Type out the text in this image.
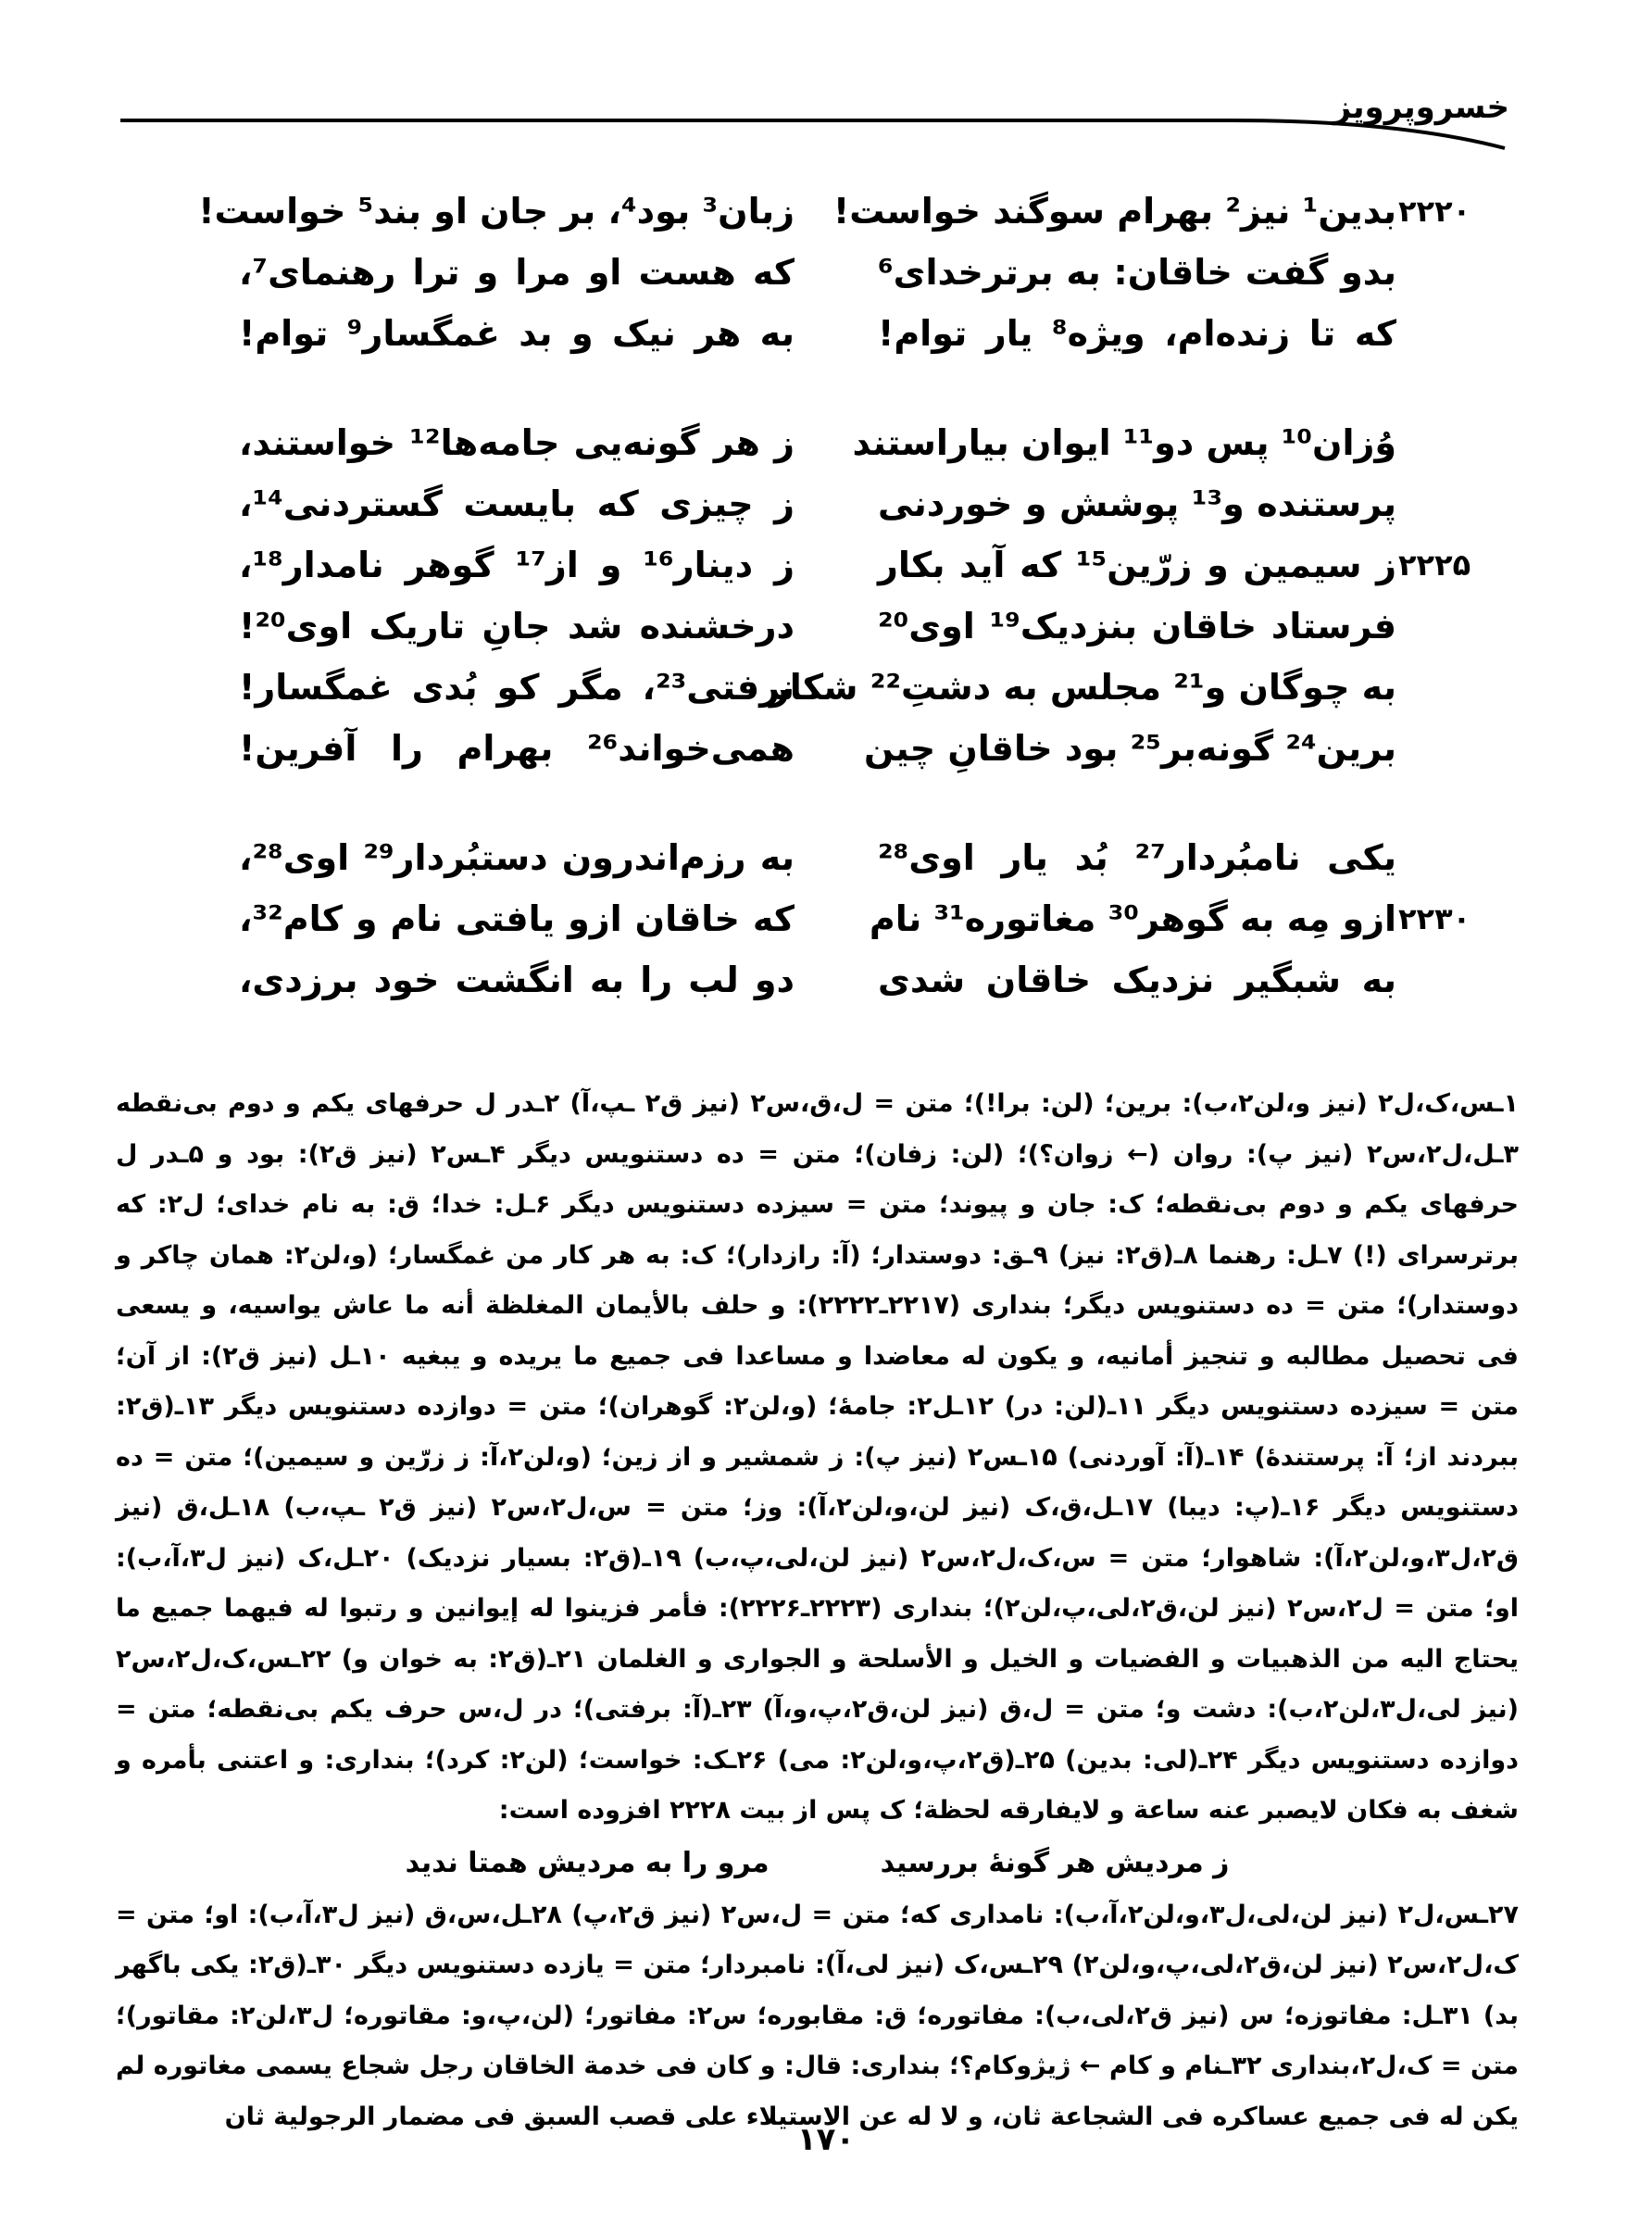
خسروپرویز
۲۲۲۰
بدین¹ نیز² بهرام سوگند خواست!
زبان³ بود⁴، بر جان او بند⁵ خواست!
بدو گفت خاقان: به برترخدای⁶
که هست او مرا و ترا رهنمای⁷،
که تا زنده‌ام، ویژه⁸ یار توام!
به هر نیک و بد غمگسار⁹ توام!
وُزان¹⁰ پس دو¹¹ ایوان بیاراستند
ز هر گونه‌یی جامه‌ها¹² خواستند،
پرستنده و¹³ پوشش و خوردنی
ز چیزی که بایست گستردنی¹⁴،
۲۲۲۵
ز سیمین و زرّین¹⁵ که آید بکار
ز دینار¹⁶ و از¹⁷ گوهر نامدار¹⁸،
فرستاد خاقان بنزدیک¹⁹ اوی²⁰
درخشنده شد جانِ تاریک اوی²⁰!
به چوگان و²¹ مجلس به دشتِ²² شکار
نرفتی²³، مگر کو بُدی غمگسار!
برین²⁴ گونه‌بر²⁵ بود خاقانِ چین
همی‌خواند²⁶ بهرام را آفرین!
یکی نامبُردار²⁷ بُد یار اوی²⁸
به رزم‌اندرون دستبُردار²⁹ اوی²⁸،
۲۲۳۰
ازو مِه به گوهر³⁰ مغاتوره³¹ نام
که خاقان ازو یافتی نام و کام³²،
به شبگیر نزدیک خاقان شدی
دو لب را به انگشت خود برزدی،

۱ـس،ک،ل۲ (نیز و،لن۲،ب): برین؛ (لن: برا!)؛ متن = ل،ق،س۲ (نیز ق۲ ـپ،آ) ۲ـدر ل حرفهای یکم و دوم بی‌نقطه ۳ـل،ل۲،س۲ (نیز پ): روان (← زوان؟)؛ (لن: زفان)؛ متن = ده دستنویس دیگر ۴ـس۲ (نیز ق۲): بود و ۵ـدر ل حرفهای یکم و دوم بی‌نقطه؛ ک: جان و پیوند؛ متن = سیزده دستنویس دیگر ۶ـل: خدا؛ ق: به نام خدای؛ ل۲: که برترسرای (!) ۷ـل: رهنما ۸ـ(ق۲: نیز) ۹ـق: دوستدار؛ (آ: رازدار)؛ ک: به هر کار من غمگسار؛ (و،لن۲: همان چاکر و دوستدار)؛ متن = ده دستنویس دیگر؛ بنداری (۲۲۱۷ـ۲۲۲۲): و حلف بالأیمان المغلظة أنه ما عاش یواسیه، و یسعی فی تحصیل مطالبه و تنجیز أمانیه، و یکون له معاضدا و مساعدا فی جمیع ما یریده و یبغیه ۱۰ـل (نیز ق۲): از آن؛ متن = سیزده دستنویس دیگر ۱۱ـ(لن: در) ۱۲ـل۲: جامهٔ؛ (و،لن۲: گوهران)؛ متن = دوازده دستنویس دیگر ۱۳ـ(ق۲: ببردند از؛ آ: پرستندهٔ) ۱۴ـ(آ: آوردنی) ۱۵ـس۲ (نیز پ): ز شمشیر و از زین؛ (و،لن۲،آ: ز زرّین و سیمین)؛ متن = ده دستنویس دیگر ۱۶ـ(پ: دیبا) ۱۷ـل،ق،ک (نیز لن،و،لن۲،آ): وز؛ متن = س،ل۲،س۲ (نیز ق۲ ـپ،ب) ۱۸ـل،ق (نیز ق۲،ل۳،و،لن۲،آ): شاهوار؛ متن = س،ک،ل۲،س۲ (نیز لن،لی،پ،ب) ۱۹ـ(ق۲: بسیار نزدیک) ۲۰ـل،ک (نیز ل۳،آ،ب): او؛ متن = ل۲،س۲ (نیز لن،ق۲،لی،پ،لن۲)؛ بنداری (۲۲۲۳ـ۲۲۲۶): فأمر فزینوا له إیوانین و رتبوا له فیهما جمیع ما یحتاج الیه من الذهبیات و الفضیات و الخیل و الأسلحة و الجواری و الغلمان ۲۱ـ(ق۲: به خوان و) ۲۲ـس،ک،ل۲،س۲ (نیز لی،ل۳،لن۲،ب): دشت و؛ متن = ل،ق (نیز لن،ق۲،پ،و،آ) ۲۳ـ(آ: برفتی)؛ در ل،س حرف یکم بی‌نقطه؛ متن = دوازده دستنویس دیگر ۲۴ـ(لی: بدین) ۲۵ـ(ق۲،پ،و،لن۲: می) ۲۶ـک: خواست؛ (لن۲: کرد)؛ بنداری: و اعتنی بأمره و شغف به فکان لایصبر عنه ساعة و لایفارقه لحظة؛ ک پس از بیت ۲۲۲۸ افزوده است:

ز مردیش هر گونهٔ بررسید
مرو را به مردیش همتا ندید

۲۷ـس،ل۲ (نیز لن،لی،ل۳،و،لن۲،آ،ب): نامداری که؛ متن = ل،س۲ (نیز ق۲،پ) ۲۸ـل،س،ق (نیز ل۳،آ،ب): او؛ متن = ک،ل۲،س۲ (نیز لن،ق۲،لی،پ،و،لن۲) ۲۹ـس،ک (نیز لی،آ): نامبردار؛ متن = یازده دستنویس دیگر ۳۰ـ(ق۲: یکی باگهر بد) ۳۱ـل: مفاتوزه؛ س (نیز ق۲،لی،ب): مفاتوره؛ ق: مقابوره؛ س۲: مفاتور؛ (لن،پ،و: مقاتوره؛ ل۳،لن۲: مقاتور)؛ متن = ک،ل۲،بنداری ۳۲ـنام و کام ← ژیژوکام؟؛ بنداری: قال: و کان فی خدمة الخاقان رجل شجاع یسمی مغاتوره لم یکن له فی جمیع عساکره فی الشجاعة ثان، و لا له عن الاستیلاء علی قصب السبق فی مضمار الرجولیة ثان

۱۷۰
